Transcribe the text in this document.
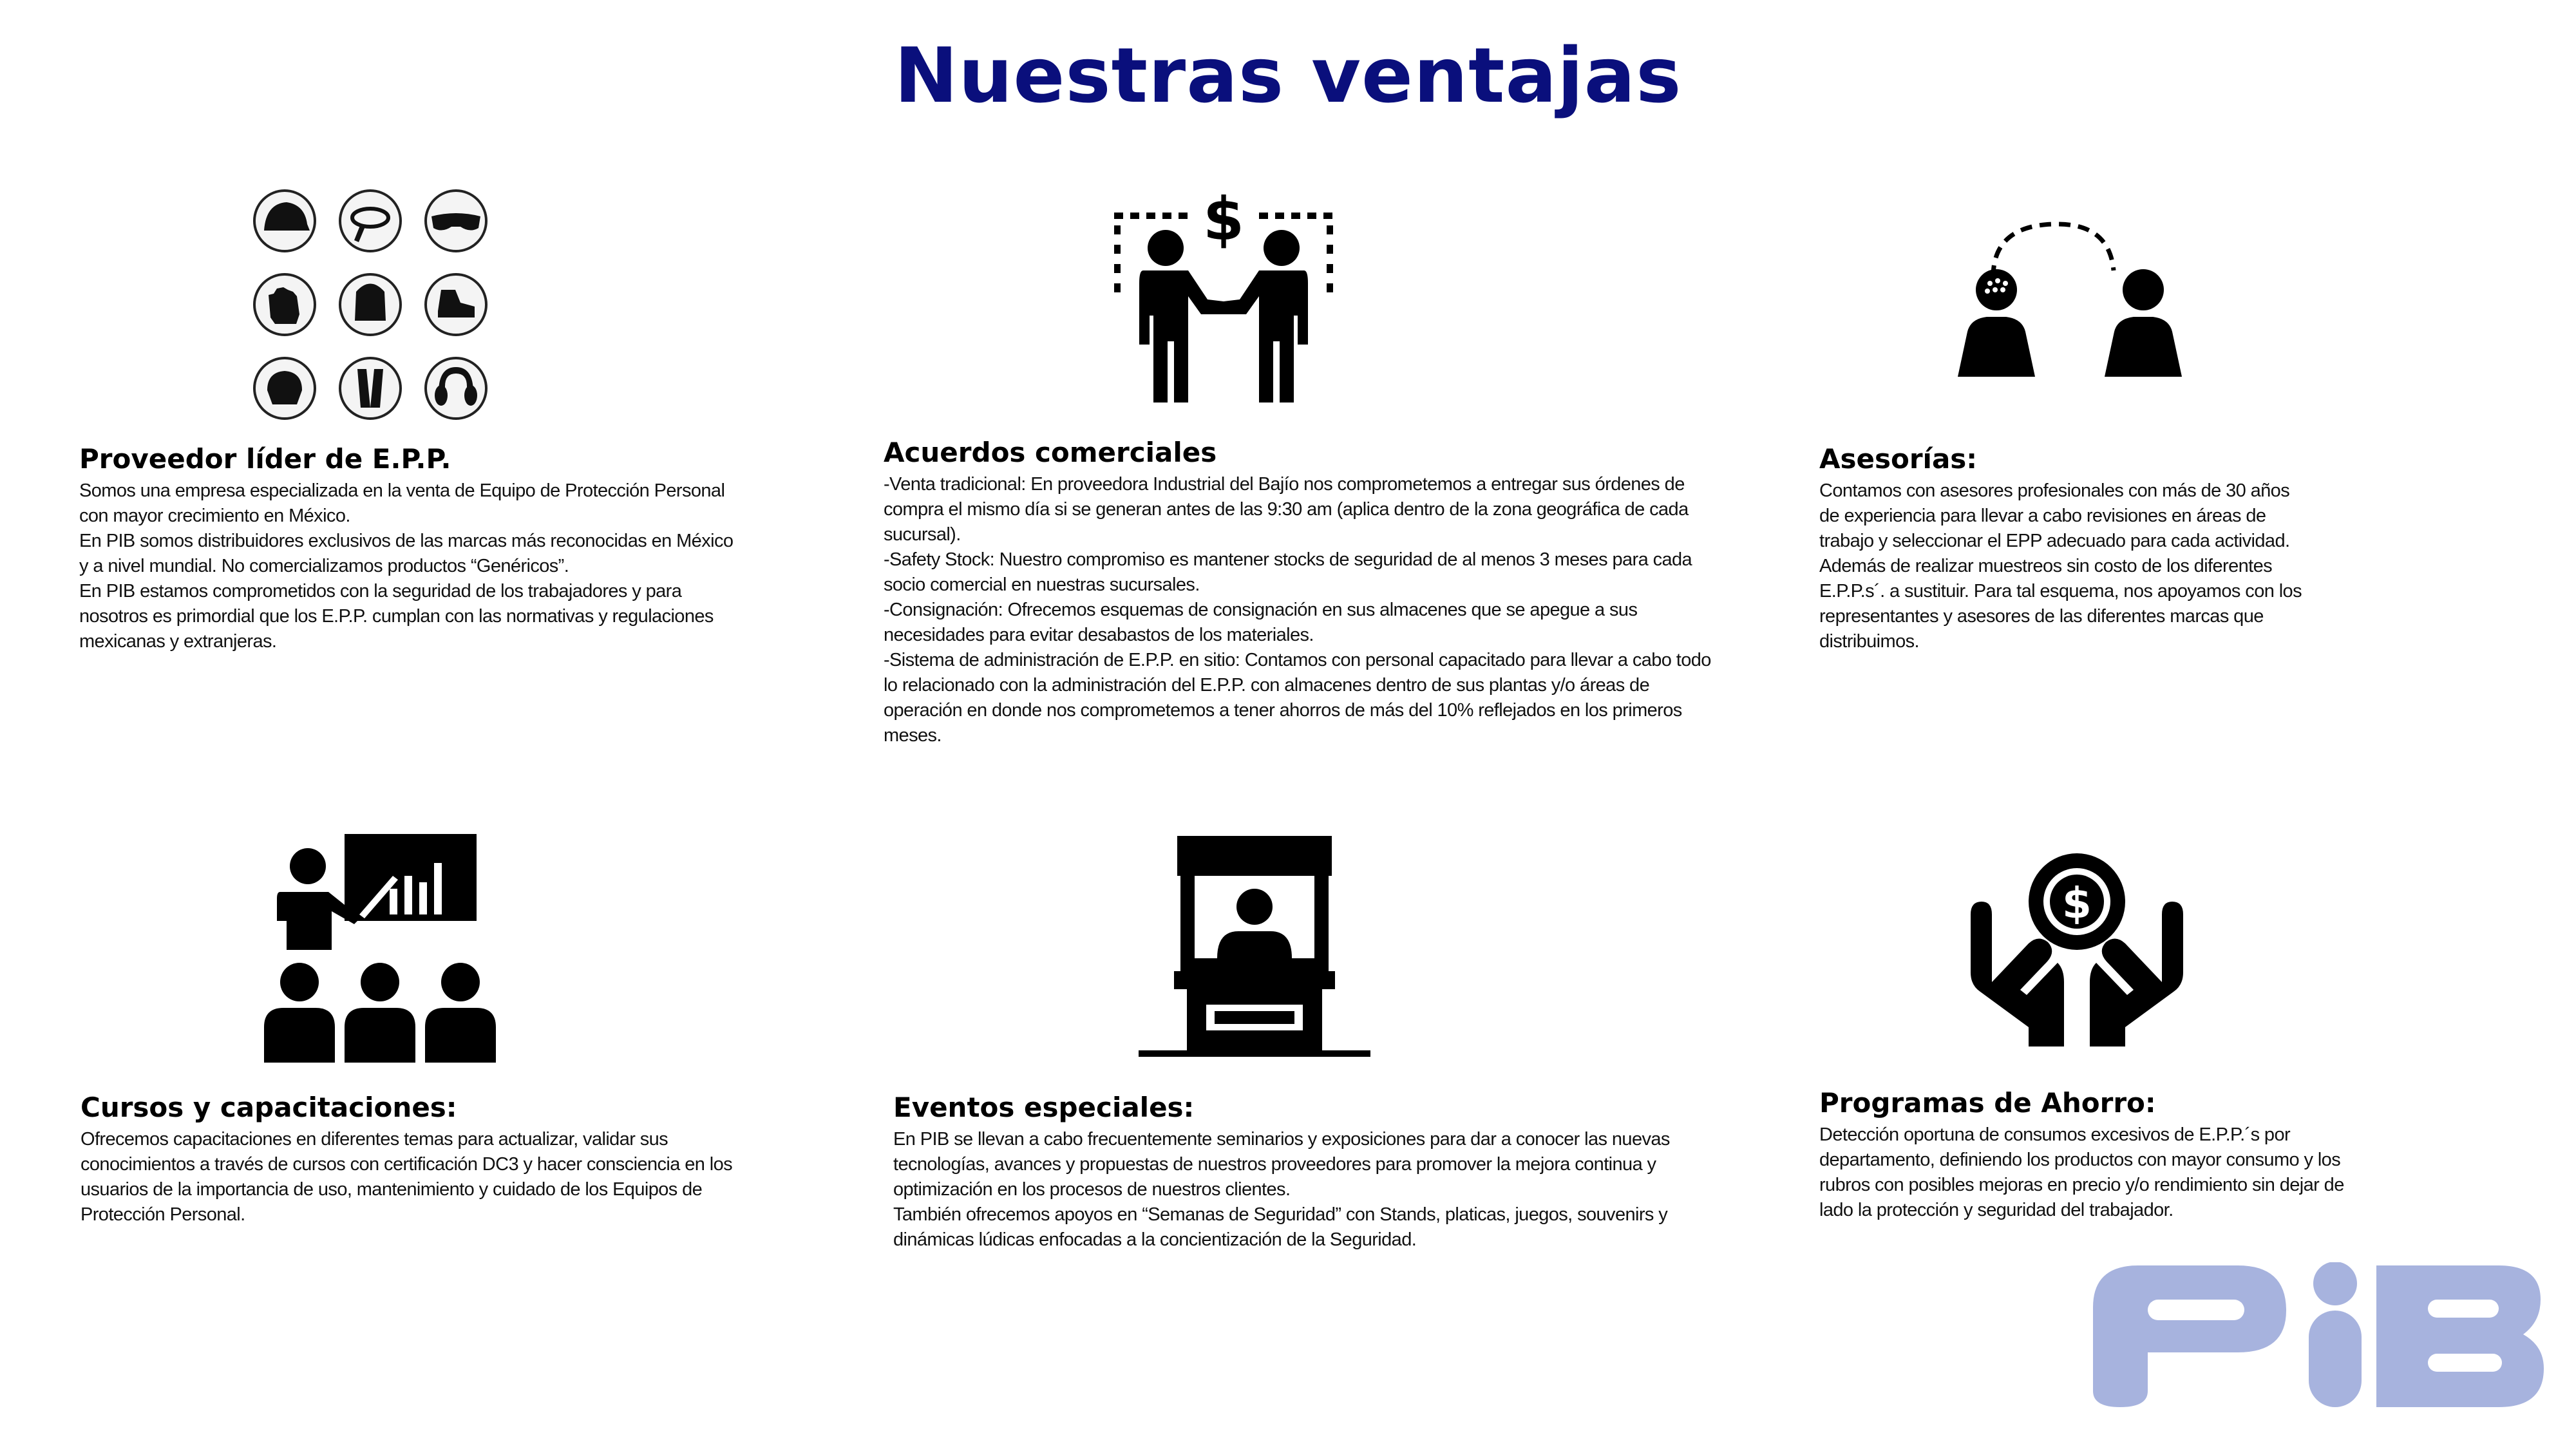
Nuestras ventajas
Proveedor líder de E.P.P.

Somos una empresa especializada en la venta de Equipo de Protección Personal
con mayor crecimiento en México.
En PIB somos distribuidores exclusivos de las marcas más reconocidas en México
y a nivel mundial. No comercializamos productos “Genéricos”.
En PIB estamos comprometidos con la seguridad de los trabajadores y para
nosotros es primordial que los E.P.P. cumplan con las normativas y regulaciones
mexicanas y extranjeras.

$
Acuerdos comerciales

-Venta tradicional: En proveedora Industrial del Bajío nos comprometemos a entregar sus órdenes de
compra el mismo día si se generan antes de las 9:30 am (aplica dentro de la zona geográfica de cada
sucursal).
-Safety Stock: Nuestro compromiso es mantener stocks de seguridad de al menos 3 meses para cada
socio comercial en nuestras sucursales.
-Consignación: Ofrecemos esquemas de consignación en sus almacenes que se apegue a sus
necesidades para evitar desabastos de los materiales.
-Sistema de administración de E.P.P. en sitio: Contamos con personal capacitado para llevar a cabo todo
lo relacionado con la administración del E.P.P. con almacenes dentro de sus plantas y/o áreas de
operación en donde nos comprometemos a tener ahorros de más del 10% reflejados en los primeros
meses.

Asesorías:

Contamos con asesores profesionales con más de 30 años
de experiencia para llevar a cabo revisiones en áreas de
trabajo y seleccionar el EPP adecuado para cada actividad.
Además de realizar muestreos sin costo de los diferentes
E.P.P.s´. a sustituir. Para tal esquema, nos apoyamos con los
representantes y asesores de las diferentes marcas que
distribuimos.

Cursos y capacitaciones:

Ofrecemos capacitaciones en diferentes temas para actualizar, validar sus
conocimientos a través de cursos con certificación DC3 y hacer consciencia en los
usuarios de la importancia de uso, mantenimiento y cuidado de los Equipos de
Protección Personal.

Eventos especiales:

En PIB se llevan a cabo frecuentemente seminarios y exposiciones para dar a conocer las nuevas
tecnologías, avances y propuestas de nuestros proveedores para promover la mejora continua y
optimización en los procesos de nuestros clientes.
También ofrecemos apoyos en “Semanas de Seguridad” con Stands, platicas, juegos, souvenirs y
dinámicas lúdicas enfocadas a la concientización de la Seguridad.

$
Programas de Ahorro:

Detección oportuna de consumos excesivos de E.P.P.´s por
departamento, definiendo los productos con mayor consumo y los
rubros con posibles mejoras en precio y/o rendimiento sin dejar de
lado la protección y seguridad del trabajador.
